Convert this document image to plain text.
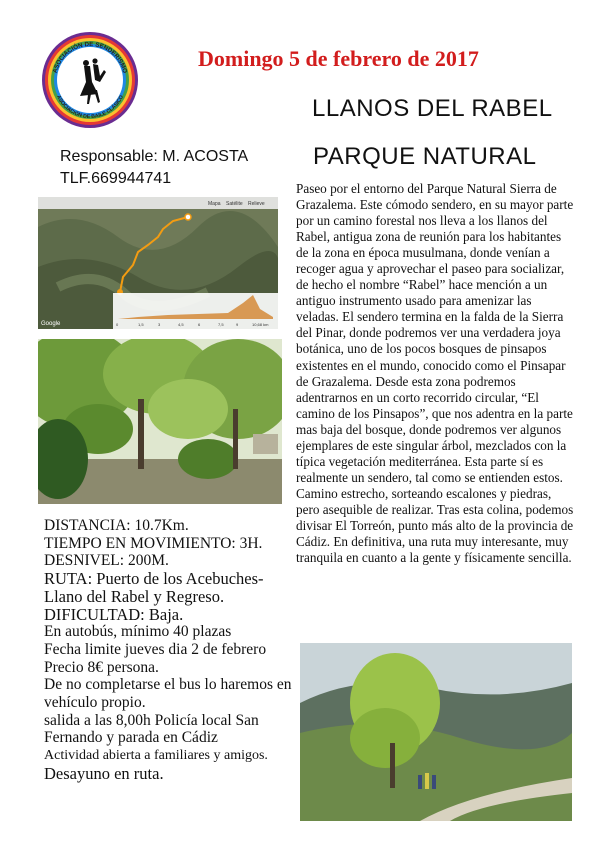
ASOCIACIÓN DE SENDERISMO
ASOCIACIÓN DE BAILE CLÁSICO
Domingo 5 de febrero de 2017
LLANOS DEL RABEL
PARQUE NATURAL
Responsable: M. ACOSTA
TLF.669944741
Paseo por el entorno del Parque Natural Sierra de Grazalema. Este cómodo sendero, en su mayor parte por un camino forestal nos lleva a los llanos del Rabel, antigua zona de reunión para los habitantes de la zona en época musulmana, donde venían a recoger agua y aprovechar el paseo para socializar, de hecho el nombre “Rabel” hace mención a un antiguo instrumento usado para amenizar las veladas. El sendero termina en la falda de la Sierra del Pinar, donde podremos ver una verdadera joya botánica, uno de los pocos bosques de pinsapos existentes en el mundo, conocido como el Pinsapar de Grazalema. Desde esta zona podremos adentrarnos en un corto recorrido circular, “El camino de los Pinsapos”, que nos adentra en la parte mas baja del bosque, donde podremos ver algunos ejemplares de este singular árbol, mezclados con la típica vegetación mediterránea. Esta parte sí es realmente un sendero, tal como se entienden estos. Camino estrecho, sorteando escalones y piedras, pero asequible de realizar. Tras esta colina, podemos divisar El Torreón, punto más alto de la provincia de Cádiz. En definitiva, una ruta muy interesante, muy tranquila en cuanto a la gente y físicamente sencilla.
Mapa Satélite Relieve
0	1,5	3	4,5	6	7,5	9	10,68 km
Google
DISTANCIA: 10.7Km.
TIEMPO EN MOVIMIENTO: 3H.
DESNIVEL: 200M.
RUTA: Puerto de los Acebuches-Llano del Rabel y Regreso.
DIFICULTAD: Baja.
En autobús, mínimo 40 plazas
Fecha limite jueves dia 2 de febrero
Precio 8€ persona.
De no completarse el bus lo haremos en vehículo propio.
salida a las 8,00h Policía local San Fernando y parada en Cádiz
Actividad abierta a familiares y amigos.
Desayuno en ruta.
